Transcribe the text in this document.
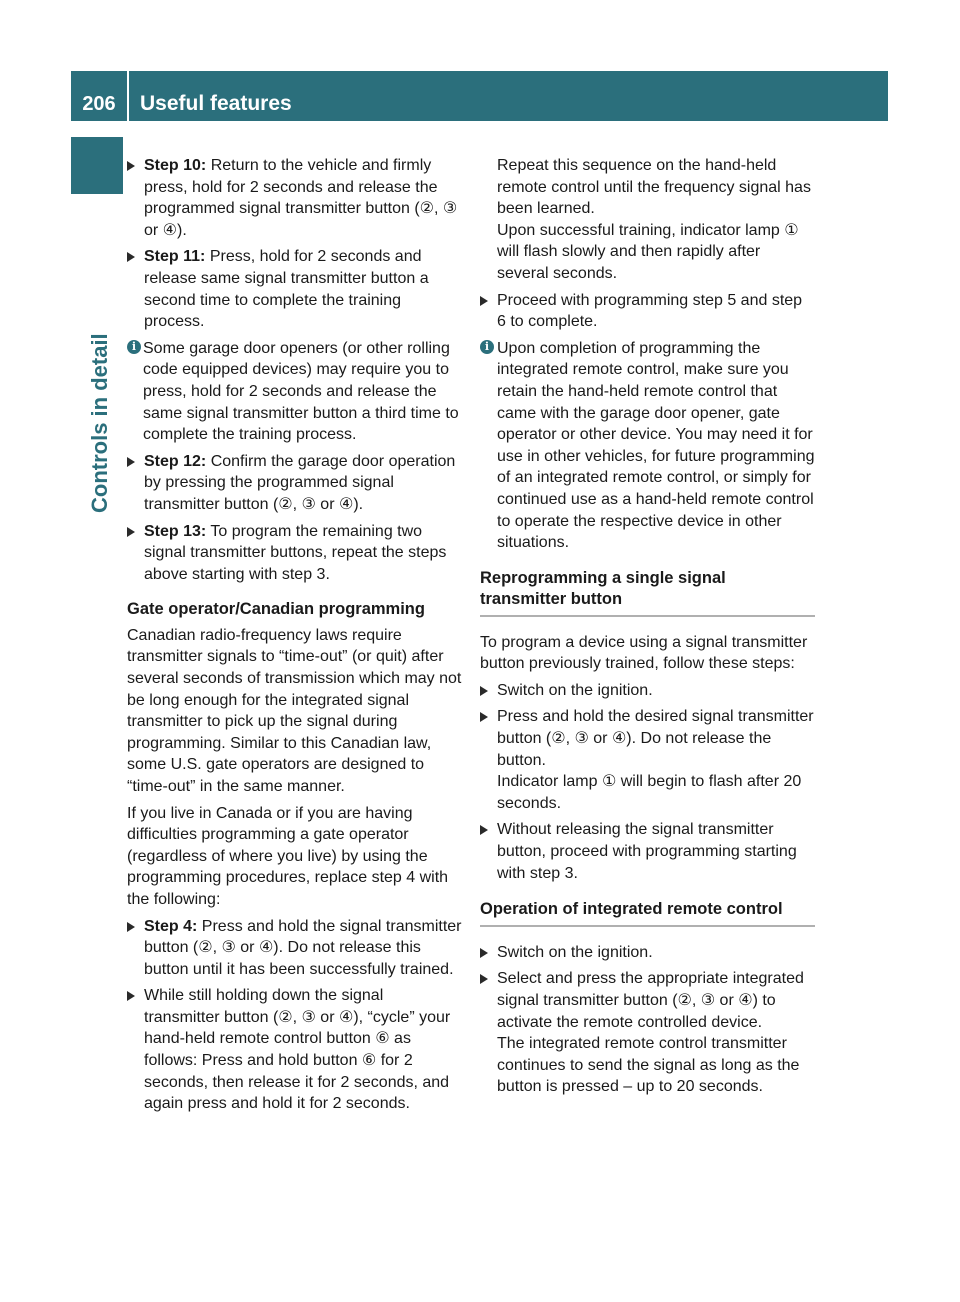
206	Useful features
Controls in detail
Step 10: Return to the vehicle and firmly press, hold for 2 seconds and release the programmed signal transmitter button (②, ③ or ④).
Step 11: Press, hold for 2 seconds and release same signal transmitter button a second time to complete the training process.
i Some garage door openers (or other rolling code equipped devices) may require you to press, hold for 2 seconds and release the same signal transmitter button a third time to complete the training process.
Step 12: Confirm the garage door operation by pressing the programmed signal transmitter button (②, ③ or ④).
Step 13: To program the remaining two signal transmitter buttons, repeat the steps above starting with step 3.
Gate operator/Canadian programming

Canadian radio-frequency laws require transmitter signals to “time-out” (or quit) after several seconds of transmission which may not be long enough for the integrated signal transmitter to pick up the signal during programming. Similar to this Canadian law, some U.S. gate operators are designed to “time-out” in the same manner.

If you live in Canada or if you are having difficulties programming a gate operator (regardless of where you live) by using the programming procedures, replace step 4 with the following:

Step 4: Press and hold the signal transmitter button (②, ③ or ④). Do not release this button until it has been successfully trained.
While still holding down the signal transmitter button (②, ③ or ④), “cycle” your hand-held remote control button ⑥ as follows: Press and hold button ⑥ for 2 seconds, then release it for 2 seconds, and again press and hold it for 2 seconds.
Repeat this sequence on the hand-held remote control until the frequency signal has been learned.

Upon successful training, indicator lamp ① will flash slowly and then rapidly after several seconds.

Proceed with programming step 5 and step 6 to complete.
i Upon completion of programming the integrated remote control, make sure you retain the hand-held remote control that came with the garage door opener, gate operator or other device. You may need it for use in other vehicles, for future programming of an integrated remote control, or simply for continued use as a hand-held remote control to operate the respective device in other situations.
Reprogramming a single signal transmitter button

To program a device using a signal transmitter button previously trained, follow these steps:

Switch on the ignition.
Press and hold the desired signal transmitter button (②, ③ or ④). Do not release the button.
Indicator lamp ① will begin to flash after 20 seconds.
Without releasing the signal transmitter button, proceed with programming starting with step 3.
Operation of integrated remote control
Switch on the ignition.
Select and press the appropriate integrated signal transmitter button (②, ③ or ④) to activate the remote controlled device.
The integrated remote control transmitter continues to send the signal as long as the button is pressed – up to 20 seconds.
